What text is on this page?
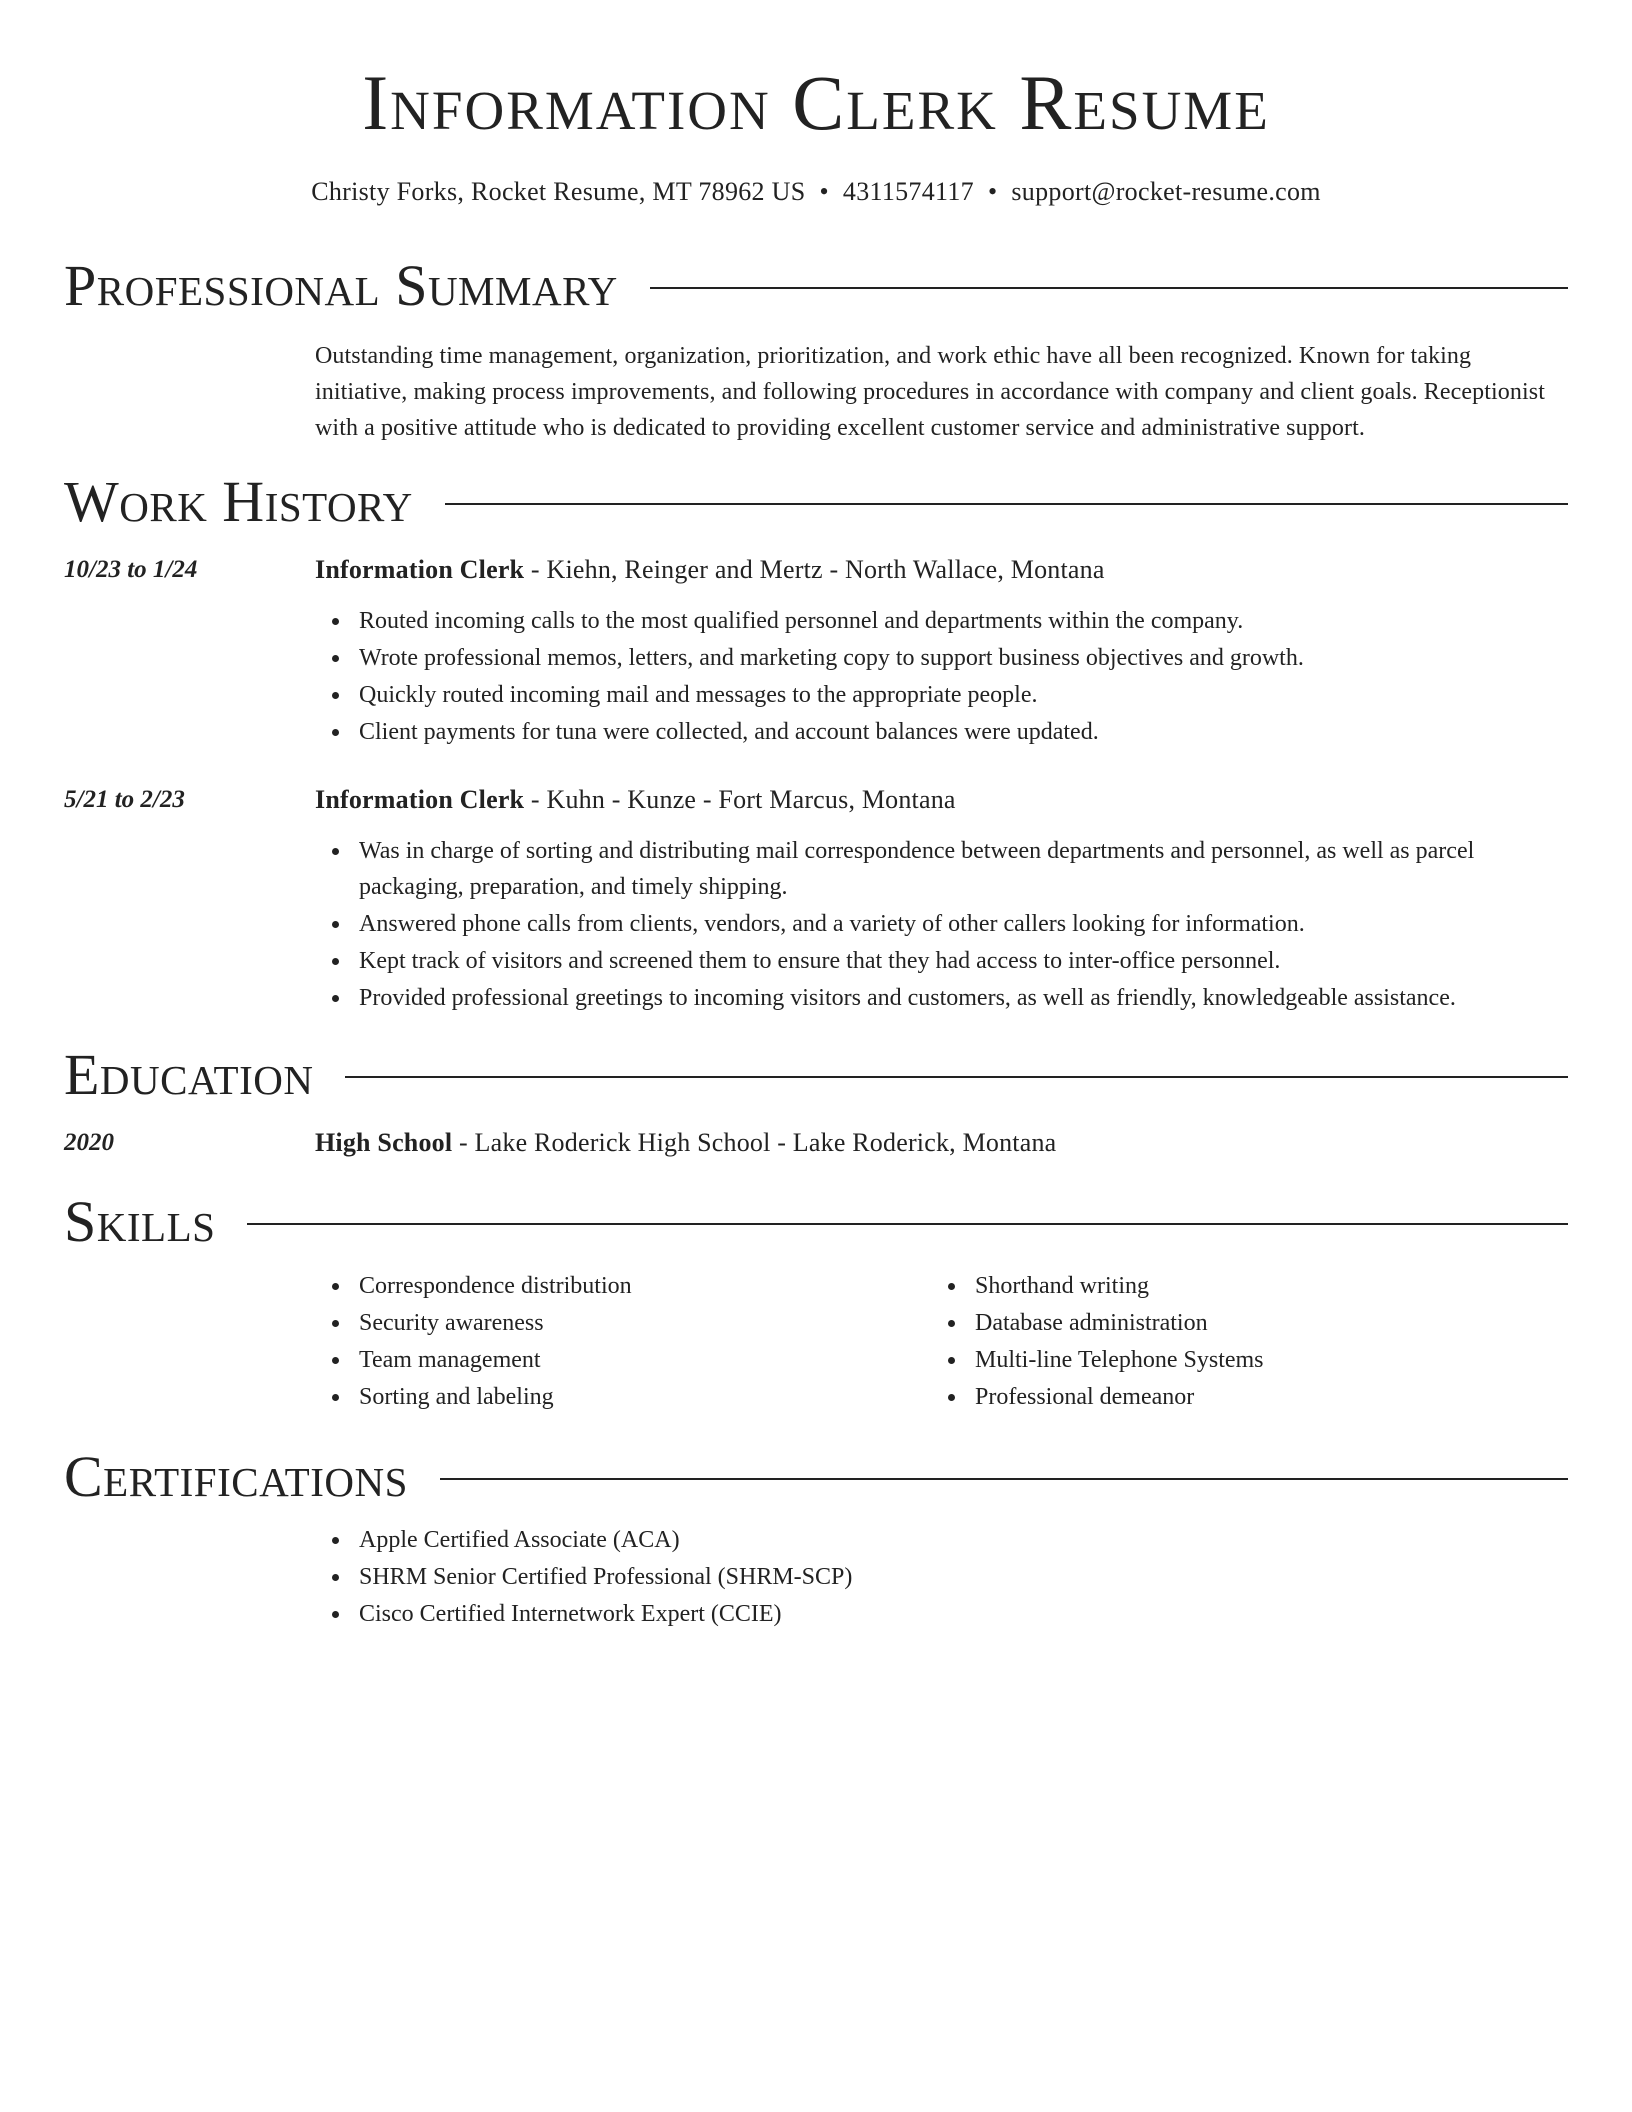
Information Clerk Resume
Christy Forks, Rocket Resume, MT 78962 US • 4311574117 • support@rocket-resume.com
Professional Summary
Outstanding time management, organization, prioritization, and work ethic have all been recognized. Known for taking initiative, making process improvements, and following procedures in accordance with company and client goals. Receptionist with a positive attitude who is dedicated to providing excellent customer service and administrative support.
Work History
10/23 to 1/24	Information Clerk - Kiehn, Reinger and Mertz - North Wallace, Montana
Routed incoming calls to the most qualified personnel and departments within the company.
Wrote professional memos, letters, and marketing copy to support business objectives and growth.
Quickly routed incoming mail and messages to the appropriate people.
Client payments for tuna were collected, and account balances were updated.
5/21 to 2/23	Information Clerk - Kuhn - Kunze - Fort Marcus, Montana
Was in charge of sorting and distributing mail correspondence between departments and personnel, as well as parcel packaging, preparation, and timely shipping.
Answered phone calls from clients, vendors, and a variety of other callers looking for information.
Kept track of visitors and screened them to ensure that they had access to inter-office personnel.
Provided professional greetings to incoming visitors and customers, as well as friendly, knowledgeable assistance.
Education
2020	High School - Lake Roderick High School - Lake Roderick, Montana
Skills
Correspondence distribution
Security awareness
Team management
Sorting and labeling
Shorthand writing
Database administration
Multi-line Telephone Systems
Professional demeanor
Certifications
Apple Certified Associate (ACA)
SHRM Senior Certified Professional (SHRM-SCP)
Cisco Certified Internetwork Expert (CCIE)
